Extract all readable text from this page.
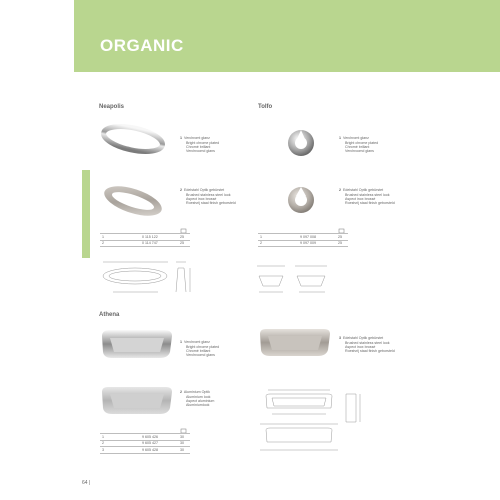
ORGANIC
Neapolis
1 Verchromt glanz
Bright chrome plated
Chromé brillant
Verchroomd glans
2 Edelstahl Optik gebürstet
Brushed stainless steel look
Aspect inox brossé
Roestvrij staal finish geborsteld
1	0 115 122	25
2	0 114 747	25
Tolfo
1 Verchromt glanz
Bright chrome plated
Chromé brillant
Verchroomd glans
2 Edelstahl Optik gebürstet
Brushed stainless steel look
Aspect inox brossé
Roestvrij staal finish geborsteld
1	9 097 008	25
2	9 097 009	25
Athena
1 Verchromt glanz
Bright chrome plated
Chromé brillant
Verchroomd glans
2 Aluminium Optik
Aluminium look
Aspect aluminium
Aluminiumlook
3 Edelstahl Optik gebürstet
Brushed stainless steel look
Aspect inox brossé
Roestvrij staal finish geborsteld
1	9 605 426	30
2	9 605 427	30
3	9 605 428	30
64 |
